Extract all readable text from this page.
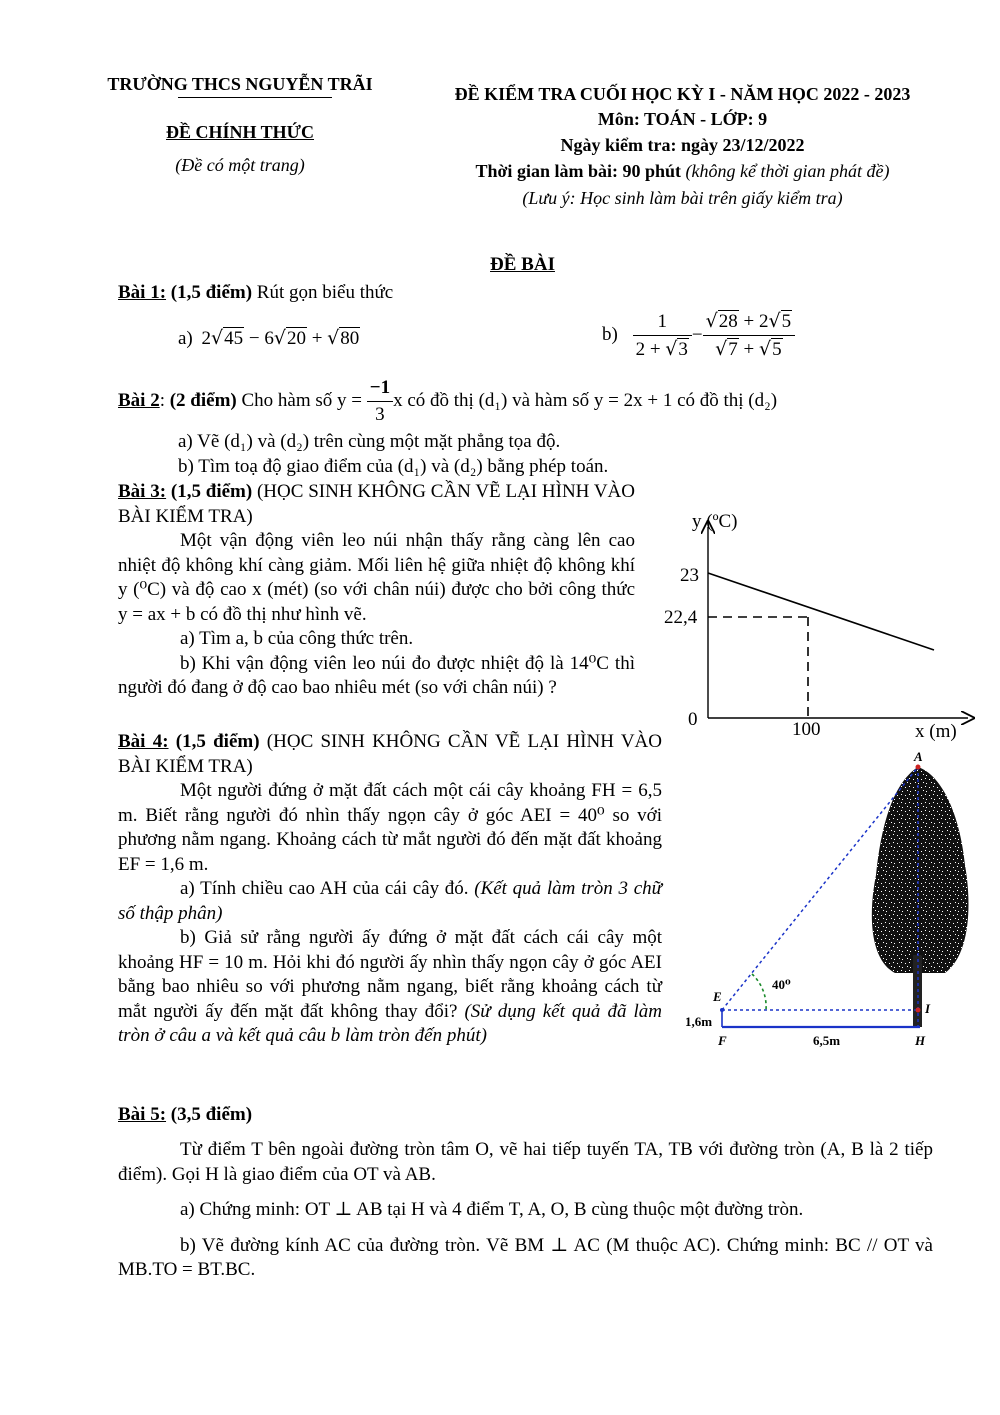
TRƯỜNG THCS NGUYỄN TRÃI
ĐỀ CHÍNH THỨC
(Đề có một trang)
ĐỀ KIỂM TRA CUỐI HỌC KỲ I - NĂM HỌC 2022 - 2023
Môn: TOÁN - LỚP: 9
Ngày kiểm tra: ngày 23/12/2022
Thời gian làm bài: 90 phút (không kể thời gian phát đề)
(Lưu ý: Học sinh làm bài trên giấy kiểm tra)
ĐỀ BÀI
Bài 1: (1,5 điểm) Rút gọn biểu thức
a) 2√45 − 6√20 + √80	$b) \frac{1}{2 + √3} - \frac{√28 + 2√5}{√7 + √5}$
Bài 2: (2 điểm) Cho hàm số $y = \frac{-1}{3}$ x có đồ thị (d₁) và hàm số y = 2x + 1 có đồ thị (d₂)
a) Vẽ (d₁) và (d₂) trên cùng một mặt phẳng tọa độ.
b) Tìm toạ độ giao điểm của (d₁) và (d₂) bằng phép toán.

Bài 3: (1,5 điểm) (HỌC SINH KHÔNG CẦN VẼ LẠI HÌNH VÀO BÀI KIỂM TRA)

Một vận động viên leo núi nhận thấy rằng càng lên cao nhiệt độ không khí càng giảm. Mối liên hệ giữa nhiệt độ không khí y (⁰C) và độ cao x (mét) (so với chân núi) được cho bởi công thức y = ax + b có đồ thị như hình vẽ.

a) Tìm a, b của công thức trên.

b) Khi vận động viên leo núi đo được nhiệt độ là 14⁰C thì người đó đang ở độ cao bao nhiêu mét (so với chân núi) ?

y (ºC)
x (m)
0
23
22,4
100

Bài 4: (1,5 điểm) (HỌC SINH KHÔNG CẦN VẼ LẠI HÌNH VÀO BÀI KIỂM TRA)

Một người đứng ở mặt đất cách một cái cây khoảng FH = 6,5 m. Biết rằng người đó nhìn thấy ngọn cây ở góc AEI = 40⁰ so với phương nằm ngang. Khoảng cách từ mắt người đó đến mặt đất khoảng EF = 1,6 m.

a) Tính chiều cao AH của cái cây đó. (Kết quả làm tròn 3 chữ số thập phân)

b) Giả sử rằng người ấy đứng ở mặt đất cách cái cây một khoảng HF = 10 m. Hỏi khi đó người ấy nhìn thấy ngọn cây ở góc AEI bằng bao nhiêu so với phương nằm ngang, biết rằng khoảng cách từ mắt người ấy đến mặt đất không thay đổi? (Sử dụng kết quả đã làm tròn ở câu a và kết quả câu b làm tròn đến phút)

A
E
I
F	H
40⁰
1,6m
6,5m
Bài 5: (3,5 điểm)

Từ điểm T bên ngoài đường tròn tâm O, vẽ hai tiếp tuyến TA, TB với đường tròn (A, B là 2 tiếp điểm). Gọi H là giao điểm của OT và AB.

a) Chứng minh: OT ⊥ AB tại H và 4 điểm T, A, O, B cùng thuộc một đường tròn.

b) Vẽ đường kính AC của đường tròn. Vẽ BM ⊥ AC (M thuộc AC). Chứng minh: BC // OT và MB.TO = BT.BC.
